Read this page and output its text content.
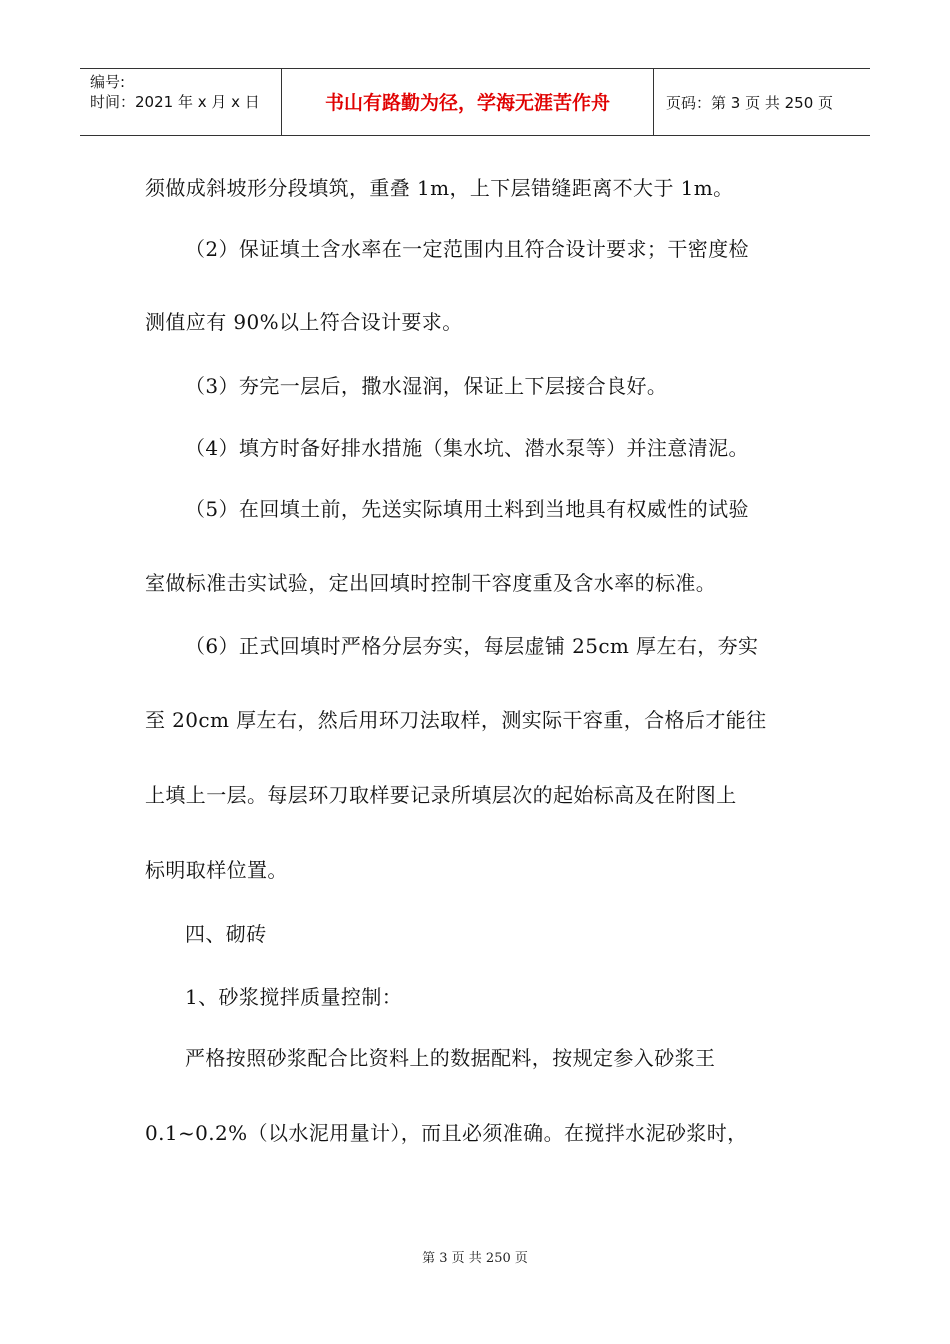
编号:
时间：2021 年 x 月 x 日	书山有路勤为径，学海无涯苦作舟	页码：第 3 页 共 250 页

须做成斜坡形分段填筑，重叠 1m，上下层错缝距离不大于 1m。

（2）保证填土含水率在一定范围内且符合设计要求；干密度检

测值应有 90%以上符合设计要求。

（3）夯完一层后，撒水湿润，保证上下层接合良好。

（4）填方时备好排水措施（集水坑、潜水泵等）并注意清泥。

（5）在回填土前，先送实际填用土料到当地具有权威性的试验

室做标准击实试验，定出回填时控制干容度重及含水率的标准。

（6）正式回填时严格分层夯实，每层虚铺 25cm 厚左右，夯实

至 20cm 厚左右，然后用环刀法取样，测实际干容重，合格后才能往

上填上一层。每层环刀取样要记录所填层次的起始标高及在附图上

标明取样位置。

四、砌砖

1、砂浆搅拌质量控制：

严格按照砂浆配合比资料上的数据配料，按规定参入砂浆王

0.1~0.2%（以水泥用量计），而且必须准确。在搅拌水泥砂浆时，

第 3 页 共 250 页
